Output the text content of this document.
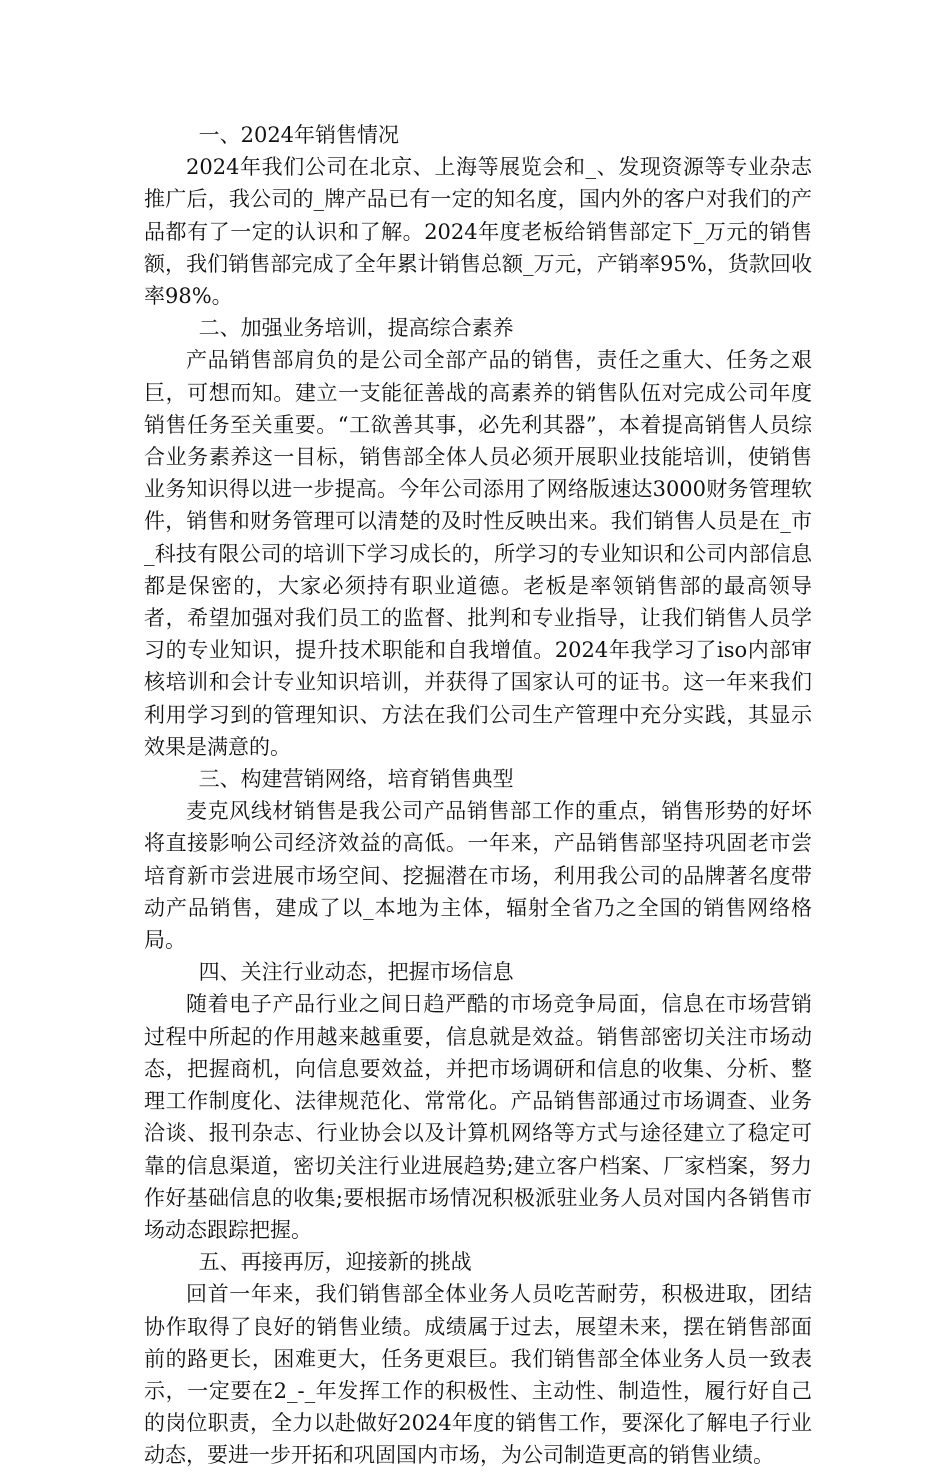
一、2024年销售情况

2024年我们公司在北京、上海等展览会和_、发现资源等专业杂志推广后，我公司的_牌产品已有一定的知名度，国内外的客户对我们的产品都有了一定的认识和了解。2024年度老板给销售部定下_万元的销售额，我们销售部完成了全年累计销售总额_万元，产销率95%，货款回收率98%。

二、加强业务培训，提高综合素养

产品销售部肩负的是公司全部产品的销售，责任之重大、任务之艰巨，可想而知。建立一支能征善战的高素养的销售队伍对完成公司年度销售任务至关重要。“工欲善其事，必先利其器”，本着提高销售人员综合业务素养这一目标，销售部全体人员必须开展职业技能培训，使销售业务知识得以进一步提高。今年公司添用了网络版速达3000财务管理软件，销售和财务管理可以清楚的及时性反映出来。我们销售人员是在_市_科技有限公司的培训下学习成长的，所学习的专业知识和公司内部信息都是保密的，大家必须持有职业道德。老板是率领销售部的最高领导者，希望加强对我们员工的监督、批判和专业指导，让我们销售人员学习的专业知识，提升技术职能和自我增值。2024年我学习了iso内部审核培训和会计专业知识培训，并获得了国家认可的证书。这一年来我们利用学习到的管理知识、方法在我们公司生产管理中充分实践，其显示效果是满意的。

三、构建营销网络，培育销售典型

麦克风线材销售是我公司产品销售部工作的重点，销售形势的好坏将直接影响公司经济效益的高低。一年来，产品销售部坚持巩固老市尝培育新市尝进展市场空间、挖掘潜在市场，利用我公司的品牌著名度带动产品销售，建成了以_本地为主体，辐射全省乃之全国的销售网络格局。

四、关注行业动态，把握市场信息

随着电子产品行业之间日趋严酷的市场竞争局面，信息在市场营销过程中所起的作用越来越重要，信息就是效益。销售部密切关注市场动态，把握商机，向信息要效益，并把市场调研和信息的收集、分析、整理工作制度化、法律规范化、常常化。产品销售部通过市场调查、业务洽谈、报刊杂志、行业协会以及计算机网络等方式与途径建立了稳定可靠的信息渠道，密切关注行业进展趋势;建立客户档案、厂家档案，努力作好基础信息的收集;要根据市场情况积极派驻业务人员对国内各销售市场动态跟踪把握。

五、再接再厉，迎接新的挑战

回首一年来，我们销售部全体业务人员吃苦耐劳，积极进取，团结协作取得了良好的销售业绩。成绩属于过去，展望未来，摆在销售部面前的路更长，困难更大，任务更艰巨。我们销售部全体业务人员一致表示，一定要在2_-_年发挥工作的积极性、主动性、制造性，履行好自己的岗位职责，全力以赴做好2024年度的销售工作，要深化了解电子行业动态，要进一步开拓和巩固国内市场，为公司制造更高的销售业绩。
